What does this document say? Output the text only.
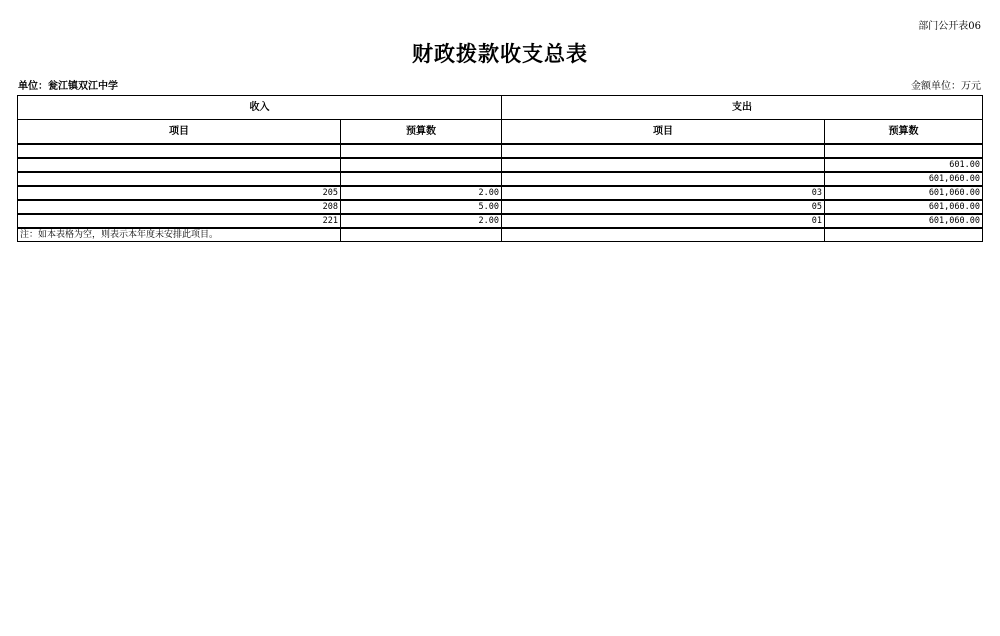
部门公开表06
财政拨款收支总表
单位：瓮江镇双江中学	金额单位：万元
收入		支出	
项目	预算数	项目	预算数

			601.00
			601,060.00
205	2.00	03	601,060.00
208	5.00	05	601,060.00
221	2.00	01	601,060.00
注：如本表格为空，则表示本年度未安排此项目。			
